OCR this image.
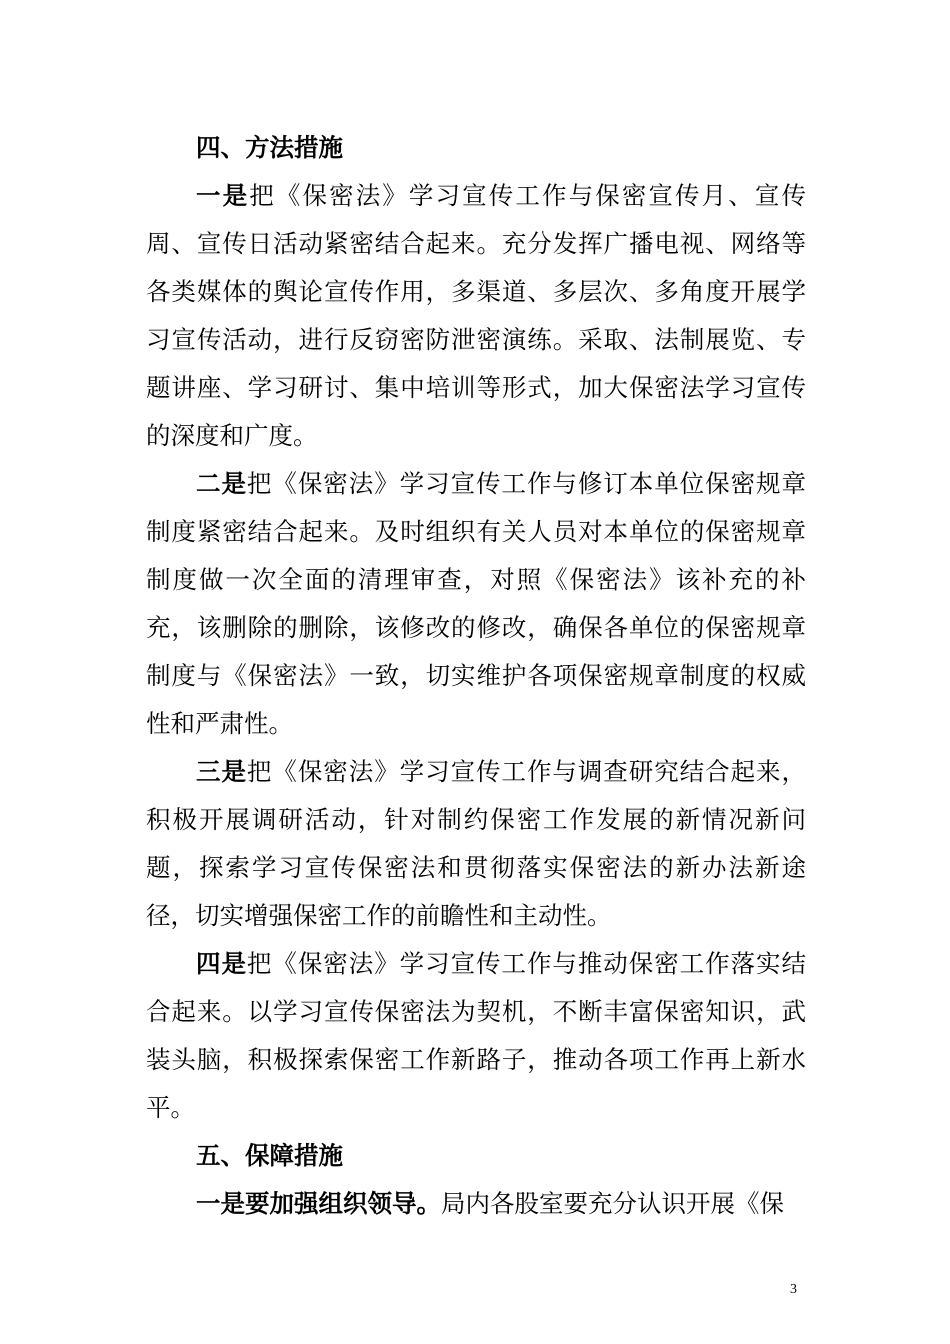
四、方法措施

一是把《保密法》学习宣传工作与保密宣传月、宣传周、宣传日活动紧密结合起来。充分发挥广播电视、网络等各类媒体的舆论宣传作用，多渠道、多层次、多角度开展学习宣传活动，进行反窃密防泄密演练。采取、法制展览、专题讲座、学习研讨、集中培训等形式，加大保密法学习宣传的深度和广度。

二是把《保密法》学习宣传工作与修订本单位保密规章制度紧密结合起来。及时组织有关人员对本单位的保密规章制度做一次全面的清理审查，对照《保密法》该补充的补充，该删除的删除，该修改的修改，确保各单位的保密规章制度与《保密法》一致，切实维护各项保密规章制度的权威性和严肃性。

三是把《保密法》学习宣传工作与调查研究结合起来，积极开展调研活动，针对制约保密工作发展的新情况新问题，探索学习宣传保密法和贯彻落实保密法的新办法新途径，切实增强保密工作的前瞻性和主动性。

四是把《保密法》学习宣传工作与推动保密工作落实结合起来。以学习宣传保密法为契机，不断丰富保密知识，武装头脑，积极探索保密工作新路子，推动各项工作再上新水平。

五、保障措施

一是要加强组织领导。局内各股室要充分认识开展《保

3
